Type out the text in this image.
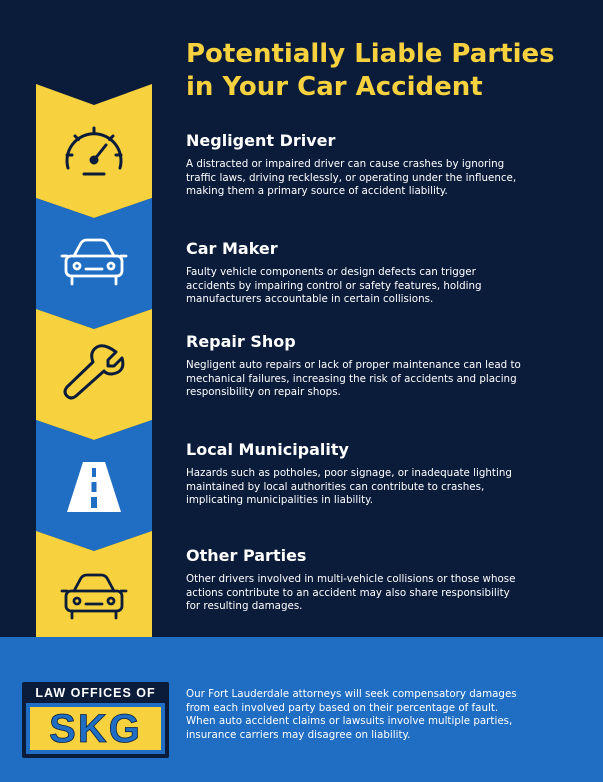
Potentially Liable Parties
in Your Car Accident
Negligent Driver

A distracted or impaired driver can cause crashes by ignoring
traffic laws, driving recklessly, or operating under the influence,
making them a primary source of accident liability.

Car Maker

Faulty vehicle components or design defects can trigger
accidents by impairing control or safety features, holding
manufacturers accountable in certain collisions.

Repair Shop

Negligent auto repairs or lack of proper maintenance can lead to
mechanical failures, increasing the risk of accidents and placing
responsibility on repair shops.

Local Municipality

Hazards such as potholes, poor signage, or inadequate lighting
maintained by local authorities can contribute to crashes,
implicating municipalities in liability.

Other Parties

Other drivers involved in multi-vehicle collisions or those whose
actions contribute to an accident may also share responsibility
for resulting damages.

LAW OFFICES OF
SKG

Our Fort Lauderdale attorneys will seek compensatory damages
from each involved party based on their percentage of fault.
When auto accident claims or lawsuits involve multiple parties,
insurance carriers may disagree on liability.
